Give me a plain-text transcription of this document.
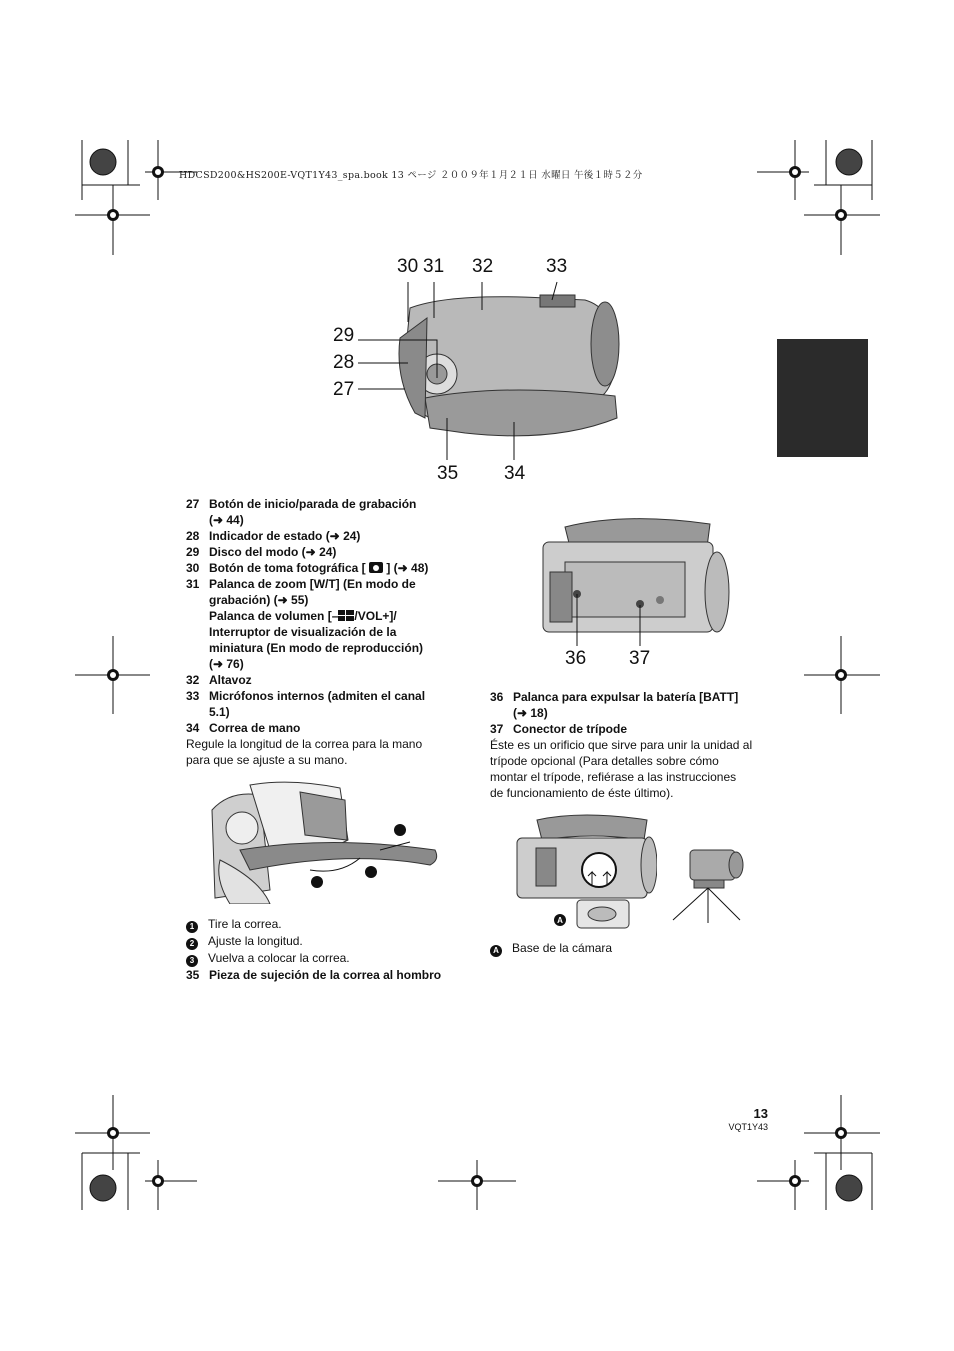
HDCSD200&HS200E-VQT1Y43_spa.book 13 ページ ２００９年１月２１日 水曜日 午後１時５２分
30 31 32	33
29
28
27
35 34
27 Botón de inicio/parada de grabación
(➜ 44)
28 Indicador de estado (➜ 24)
29 Disco del modo (➜ 24)
30 Botón de toma fotográfica [  ] (➜ 48)
31 Palanca de zoom [W/T] (En modo de
grabación) (➜ 55)
Palanca de volumen [– /VOL+]/
Interruptor de visualización de la
miniatura (En modo de reproducción)
(➜ 76)
32 Altavoz
33 Micrófonos internos (admiten el canal
5.1)
34 Correa de mano
Regule la longitud de la correa para la mano
para que se ajuste a su mano.
1 Tire la correa.
2 Ajuste la longitud.
3 Vuelva a colocar la correa.
35 Pieza de sujeción de la correa al hombro
36 37
36 Palanca para expulsar la batería [BATT]
(➜ 18)
37 Conector de trípode
Éste es un orificio que sirve para unir la unidad al
trípode opcional (Para detalles sobre cómo
montar el trípode, refiérase a las instrucciones
de funcionamiento de éste último).
A
A Base de la cámara
13
VQT1Y43
